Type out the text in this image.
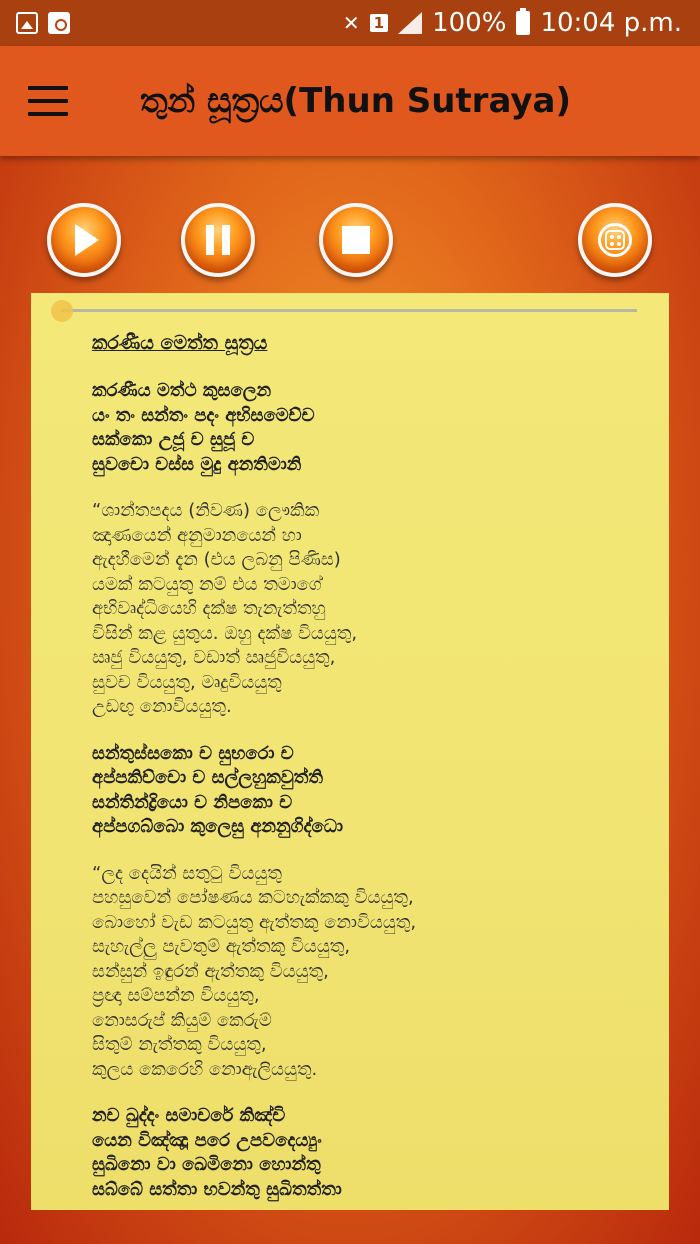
✕ 1 100% 10:04 p.m.
තුන් සූත්‍රය(Thun Sutraya)
කරණීය මෙත්ත සූත්‍රය
කරණීය මත්ථ කුසලෙන
යං තං සන්තං පදං අභිසමෙච්ච
සක්කො උජූ ච සුජූ ච
සුවචො චස්ස මුදු අනතිමානි
“ශාන්තපදය (නිවණ) ලෞකික
ඤාණයෙන් අනුමානයෙන් හා
ඇදහීමෙන් දැන (එය ලබනු පිණිස)
යමක් කටයුතු නම් එය තමාගේ
අභිවෘද්ධියෙහි දක්ෂ තැනැත්තහු
විසින් කළ යුතුය. ඔහු දක්ෂ වියයුතු,
ඍජු වියයුතු, වඩාත් ඍජුවියයුතු,
සුවච වියයුතු, මෘදුවියයුතු
උඩඟු නොවියයුතු.
සන්තුස්සකො ච සුභරො ච
අප්පකිච්චො ච සල්ලහුකවුත්ති
සන්තින්ද්‍රියො ච නිපකො ච
අප්පගබ්බො කුලෙසු අනනුගිද්ධො
“ලද දෙයින් සතුටු වියයුතු
පහසුවෙන් පෝෂණය කටහැක්කකු වියයුතු,
බොහෝ වැඩ කටයුතු ඇත්තකු නොවියයුතු,
සැහැල්ලු පැවතුම් ඇත්තකු වියයුතු,
සන්සුන් ඉඳුරන් ඇත්තකු වියයුතු,
ප්‍රඥා සම්පන්න වියයුතු,
නොසරුප් කියුම් කෙරුම්
සිතුම් නැත්තකු වියයුතු,
කුලය කෙරෙහි නොඇලියයුතු.
නච ඛුද්දං සමාචරේ කිඤ්චි
යෙන විඤ්ඤූ පරෙ උපවදෙය්‍යුං
සුඛිනො වා ඛෙමිනො හොන්තු
සබ්බේ සත්තා භවන්තු සුඛිතත්තා
